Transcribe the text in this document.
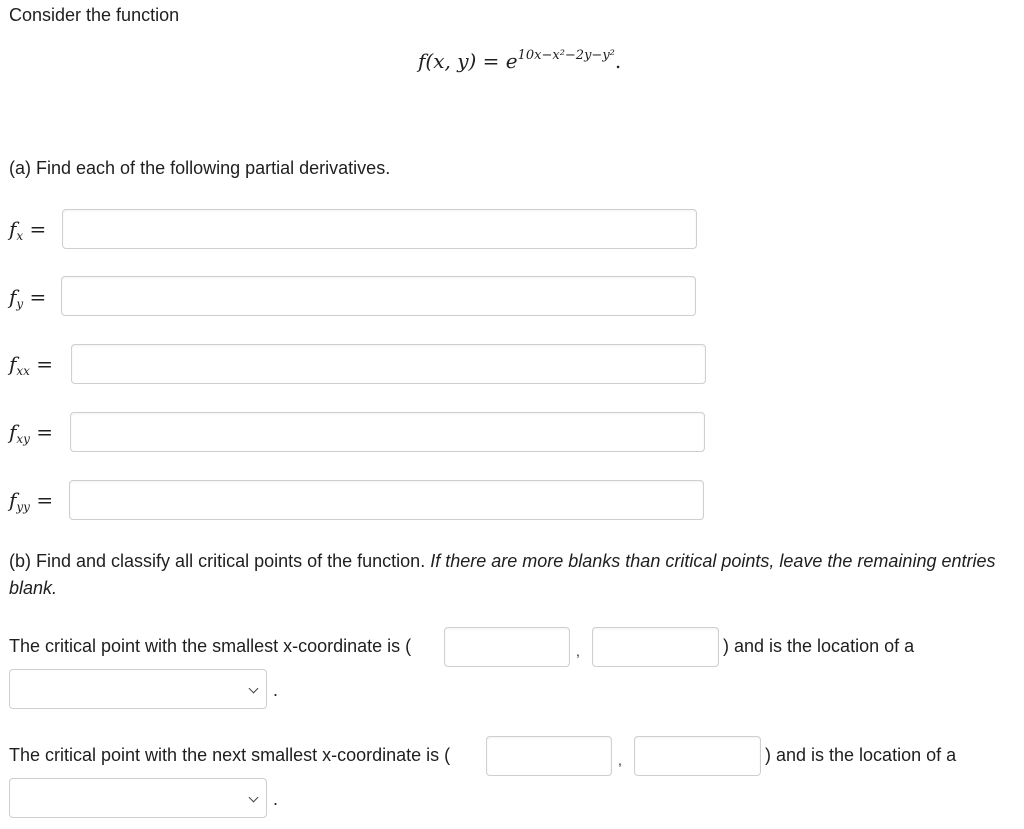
Consider the function
f(x, $y) = e^{10x-x^2-2y-y^2}$.
(a) Find each of the following partial derivatives.
$f_x$ =
$f_y$ =
$f_{xx}$ =
$f_{xy}$ =
$f_{yy}$ =
(b) Find and classify all critical points of the function. If there are more blanks than critical points, leave the remaining entries blank.
The critical point with the smallest x-coordinate is (	,	) and is the location of a
.
The critical point with the next smallest x-coordinate is (	,	) and is the location of a
.
